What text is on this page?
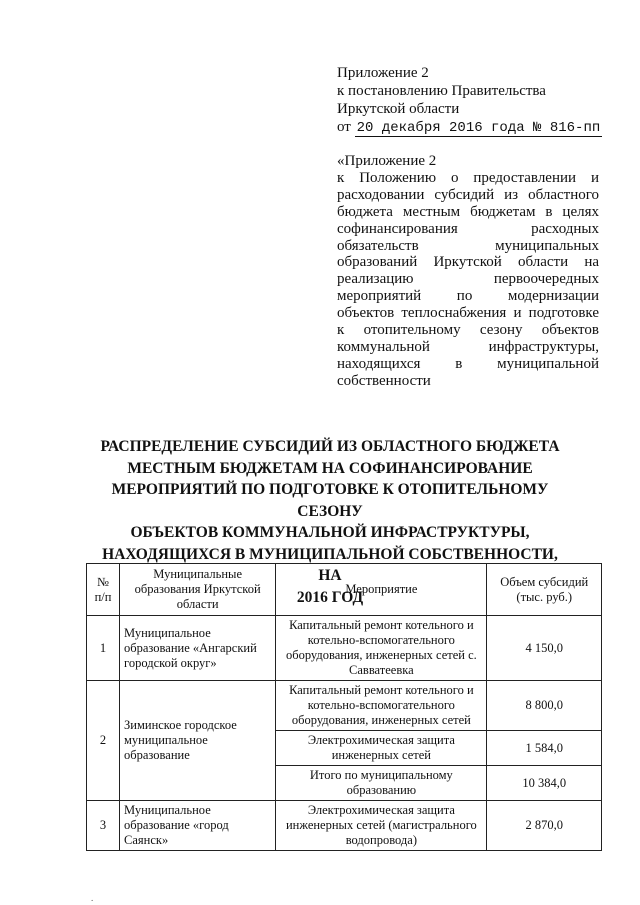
Приложение 2
к постановлению Правительства
Иркутской области
от 20 декабря 2016 года № 816-пп
«Приложение 2
к Положению о предоставлении и
расходовании субсидий из областного
бюджета местным бюджетам в целях
софинансирования расходных
обязательств муниципальных
образований Иркутской области на
реализацию первоочередных
мероприятий по модернизации
объектов теплоснабжения и подготовке
к отопительному сезону объектов
коммунальной инфраструктуры,
находящихся в муниципальной
собственности
РАСПРЕДЕЛЕНИЕ СУБСИДИЙ ИЗ ОБЛАСТНОГО БЮДЖЕТА
МЕСТНЫМ БЮДЖЕТАМ НА СОФИНАНСИРОВАНИЕ
МЕРОПРИЯТИЙ ПО ПОДГОТОВКЕ К ОТОПИТЕЛЬНОМУ СЕЗОНУ
ОБЪЕКТОВ КОММУНАЛЬНОЙ ИНФРАСТРУКТУРЫ,
НАХОДЯЩИХСЯ В МУНИЦИПАЛЬНОЙ СОБСТВЕННОСТИ, НА
2016 ГОД
№ п/п	Муниципальные образования Иркутской области	Мероприятие	Объем субсидий (тыс. руб.)
1	Муниципальное образование «Ангарский городской округ»	Капитальный ремонт котельного и котельно-вспомогательного оборудования, инженерных сетей с. Савватеевка	4 150,0
2	Зиминское городское муниципальное образование	Капитальный ремонт котельного и котельно-вспомогательного оборудования, инженерных сетей	8 800,0
		Электрохимическая защита инженерных сетей	1 584,0
		Итого по муниципальному образованию	10 384,0
3	Муниципальное образование «город Саянск»	Электрохимическая защита инженерных сетей (магистрального водопровода)	2 870,0
.
